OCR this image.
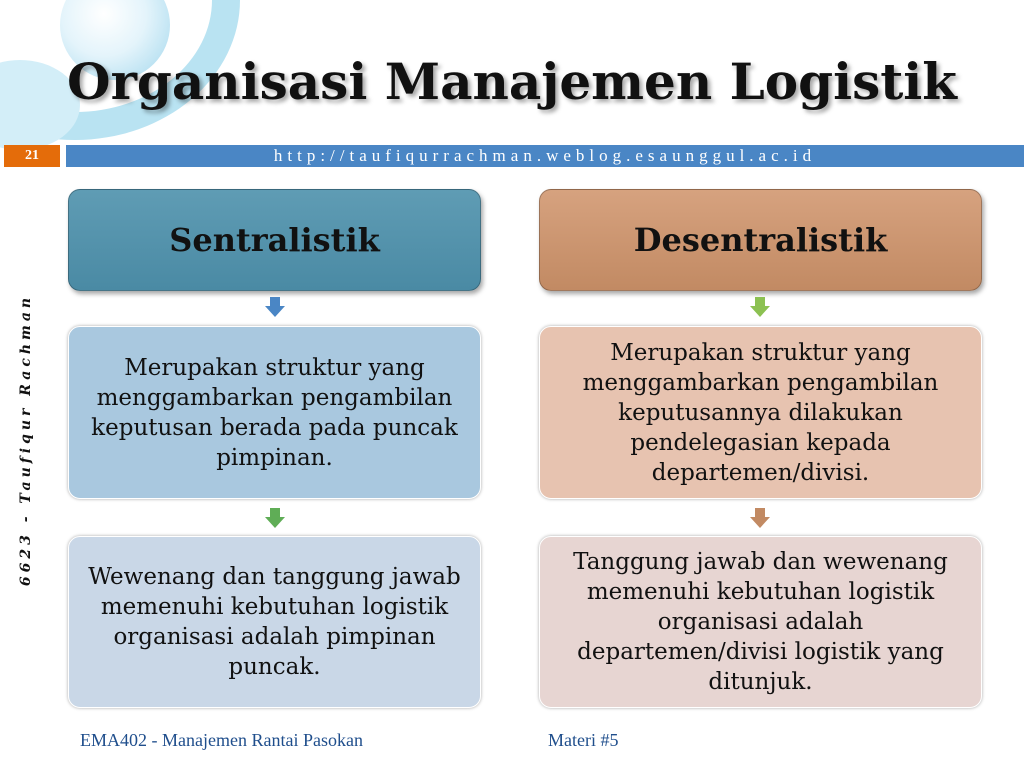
Organisasi Manajemen Logistik
21	http://taufiqurrachman.weblog.esaunggul.ac.id
6623 - Taufiqur Rachman
Sentralistik
Merupakan struktur yang menggambarkan pengambilan keputusan berada pada puncak pimpinan.
Wewenang dan tanggung jawab memenuhi kebutuhan logistik organisasi adalah pimpinan puncak.
Desentralistik
Merupakan struktur yang menggambarkan pengambilan keputusannya dilakukan pendelegasian kepada departemen/divisi.
Tanggung jawab dan wewenang memenuhi kebutuhan logistik organisasi adalah departemen/divisi logistik yang ditunjuk.
EMA402 - Manajemen Rantai Pasokan	Materi #5
